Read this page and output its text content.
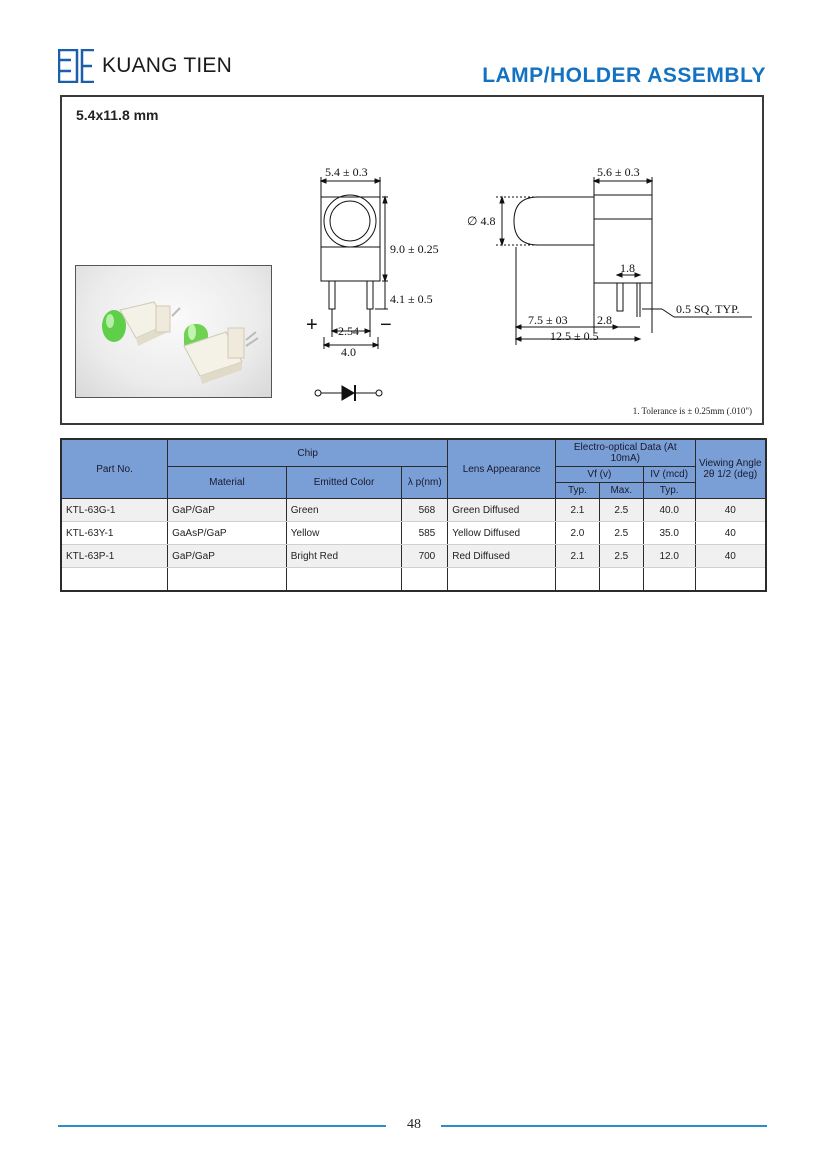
KUANG TIEN	LAMP/HOLDER ASSEMBLY
5.4x11.8 mm
5.4 ± 0.3
9.0 ± 0.25
4.1 ± 0.5
2.54
4.0
+	−
5.6 ± 0.3
∅ 4.8
1.8
7.5 ± 03 2.8
12.5 ± 0.5
0.5 SQ. TYP.
1. Tolerance is ± 0.25mm (.010")
Part No.	Chip			Lens Appearance	Electro-optical Data (At 10mA)			Viewing Angle 2θ 1/2 (deg)
	Material	Emitted Color	λ p(nm)		Vf (v)		IV (mcd)	
					Typ.	Max.	Typ.	
KTL-63G-1	GaP/GaP	Green	568	Green Diffused	2.1	2.5	40.0	40
KTL-63Y-1	GaAsP/GaP	Yellow	585	Yellow Diffused	2.0	2.5	35.0	40
KTL-63P-1	GaP/GaP	Bright Red	700	Red Diffused	2.1	2.5	12.0	40

48
